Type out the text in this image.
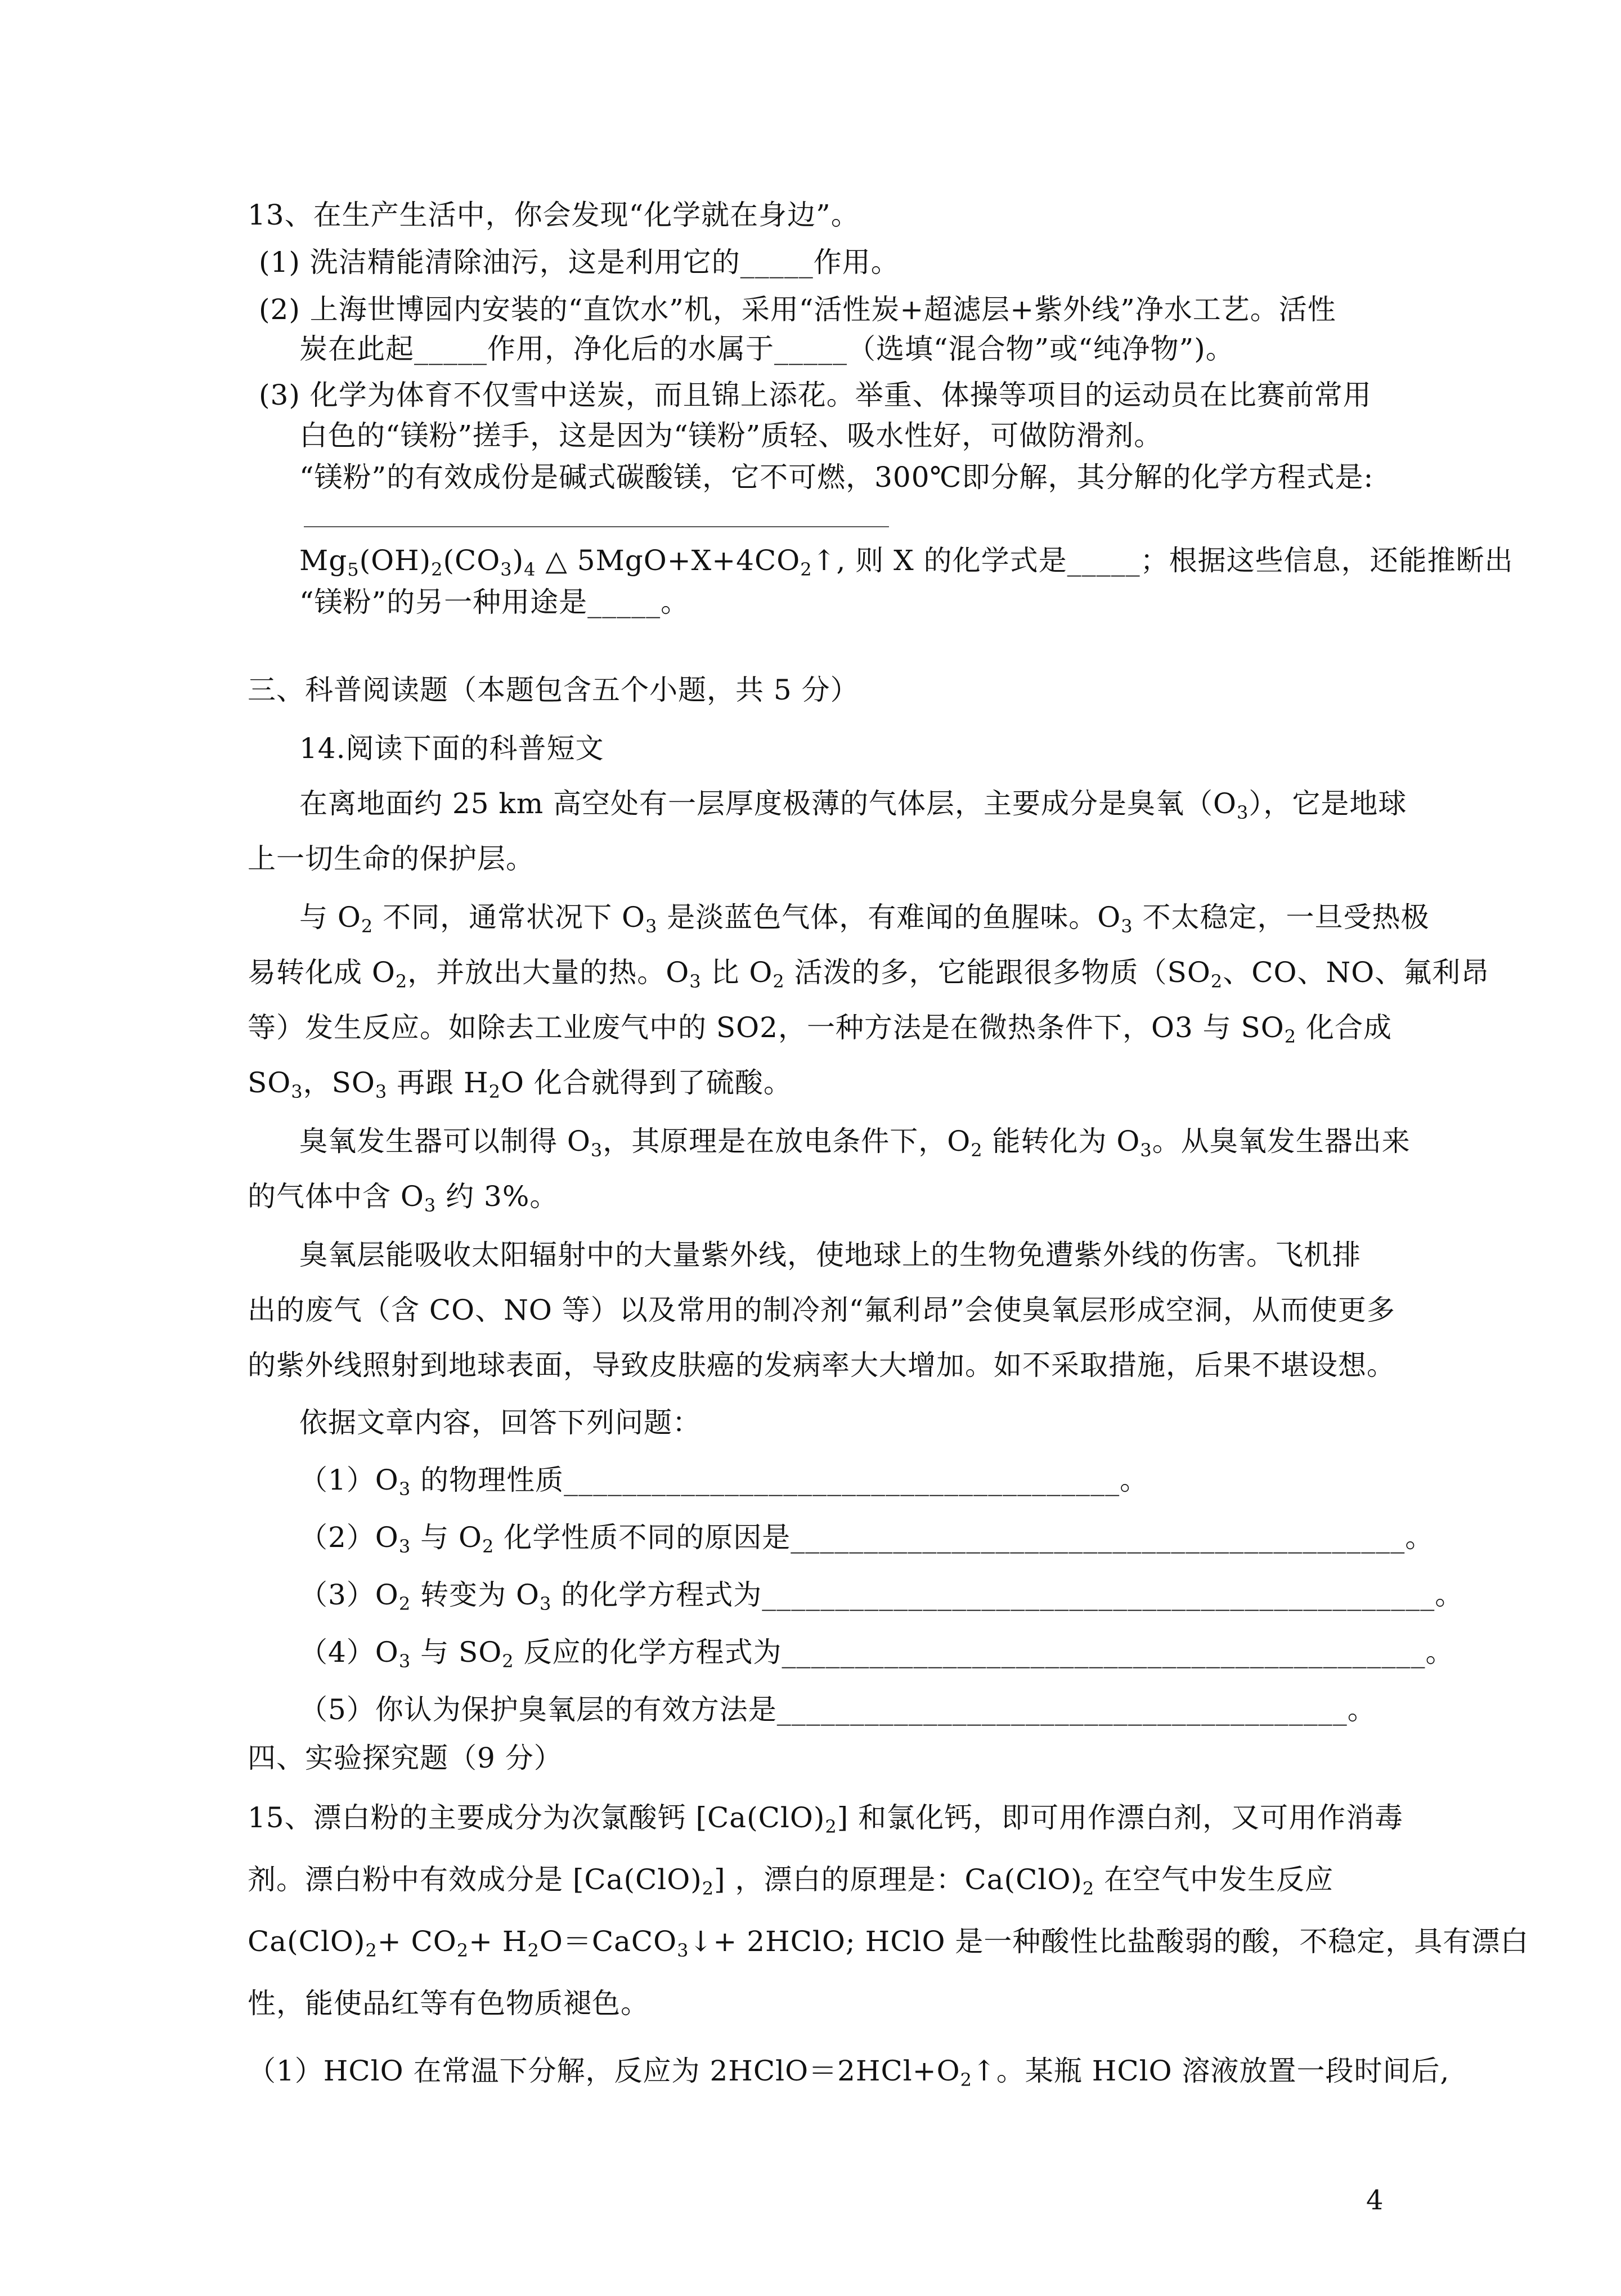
13、在生产生活中，你会发现“化学就在身边”。
(1) 洗洁精能清除油污，这是利用它的_____作用。
(2) 上海世博园内安装的“直饮水”机，采用“活性炭+超滤层+紫外线”净水工艺。活性
炭在此起_____作用，净化后的水属于_____（选填“混合物”或“纯净物”)。
(3) 化学为体育不仅雪中送炭，而且锦上添花。举重、体操等项目的运动员在比赛前常用
白色的“镁粉”搓手，这是因为“镁粉”质轻、吸水性好，可做防滑剂。
“镁粉”的有效成份是碱式碳酸镁，它不可燃，300℃即分解，其分解的化学方程式是:
$Mg_5(OH)_2(CO_3)_4$ △ $5MgO+X+4CO_2↑$, 则 X 的化学式是_____；根据这些信息，还能推断出
“镁粉”的另一种用途是_____。
三、科普阅读题（本题包含五个小题，共 5 分）
14.阅读下面的科普短文
在离地面约 25 km 高空处有一层厚度极薄的气体层，主要成分是臭氧$(O_3)$，它是地球
上一切生命的保护层。
与 $O_2$ 不同，通常状况下 $O_3$ 是淡蓝色气体，有难闻的鱼腥味。$O_3$ 不太稳定，一旦受热极
易转化成 $O_2$，并放出大量的热。$O_3$ 比 $O_2$ 活泼的多，它能跟很多物质（$SO_2$、CO、NO、氟利昂
等）发生反应。如除去工业废气中的 SO2，一种方法是在微热条件下，O3 与 $SO_2$ 化合成
$SO_3$，$SO_3$ 再跟 $H_2O$ 化合就得到了硫酸。
臭氧发生器可以制得 $O_3$，其原理是在放电条件下，$O_2$ 能转化为 $O_3$。从臭氧发生器出来
的气体中含 $O_3$ 约 3%。
臭氧层能吸收太阳辐射中的大量紫外线，使地球上的生物免遭紫外线的伤害。飞机排
出的废气（含 CO、NO 等）以及常用的制冷剂“氟利昂”会使臭氧层形成空洞，从而使更多
的紫外线照射到地球表面，导致皮肤癌的发病率大大增加。如不采取措施，后果不堪设想。
依据文章内容，回答下列问题：
$(1)O_3$ 的物理性质______________________________________。
$(2)O_3$ 与 $O_2$ 化学性质不同的原因是__________________________________________。
$(3)O_2$ 转变为 $O_3$ 的化学方程式为______________________________________________。
$(4)O_3$ 与 $SO_2$ 反应的化学方程式为____________________________________________。
（5）你认为保护臭氧层的有效方法是_______________________________________。
四、实验探究题（9 分）
15、漂白粉的主要成分为次氯酸钙 $[Ca(ClO)_2]$ 和氯化钙，即可用作漂白剂，又可用作消毒
剂。漂白粉中有效成分是 $[Ca(ClO)_2]$ ，漂白的原理是：$Ca(ClO)_2$ 在空气中发生反应
$Ca(ClO)_2+ CO_2+$ $H_2O=CaCO_3↓+$ 2HClO; HClO 是一种酸性比盐酸弱的酸，不稳定，具有漂白
性，能使品红等有色物质褪色。
（1）HClO 在常温下分解，反应为 $2HClO=2HCl+O_2↑$。某瓶 HClO 溶液放置一段时间后,
4
